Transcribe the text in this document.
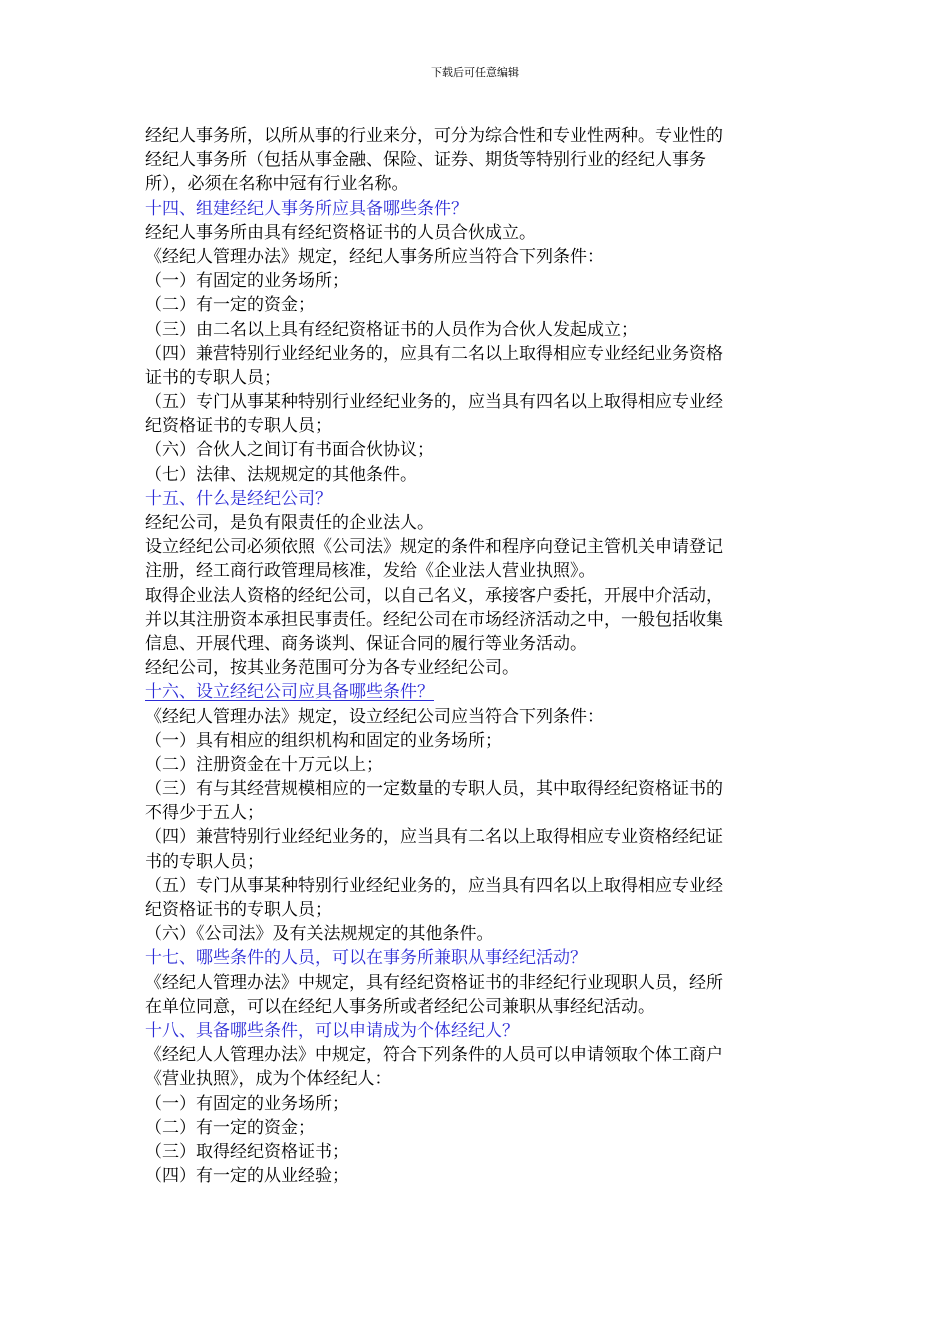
下载后可任意编辑
经纪人事务所，以所从事的行业来分，可分为综合性和专业性两种。专业性的
经纪人事务所（包括从事金融、保险、证券、期货等特别行业的经纪人事务
所），必须在名称中冠有行业名称。
十四、组建经纪人事务所应具备哪些条件？
经纪人事务所由具有经纪资格证书的人员合伙成立。
《经纪人管理办法》规定，经纪人事务所应当符合下列条件：
（一）有固定的业务场所；
（二）有一定的资金；
（三）由二名以上具有经纪资格证书的人员作为合伙人发起成立；
（四）兼营特别行业经纪业务的，应具有二名以上取得相应专业经纪业务资格
证书的专职人员；
（五）专门从事某种特别行业经纪业务的，应当具有四名以上取得相应专业经
纪资格证书的专职人员；
（六）合伙人之间订有书面合伙协议；
（七）法律、法规规定的其他条件。
十五、什么是经纪公司？
经纪公司，是负有限责任的企业法人。
设立经纪公司必须依照《公司法》规定的条件和程序向登记主管机关申请登记
注册，经工商行政管理局核准，发给《企业法人营业执照》。
取得企业法人资格的经纪公司，以自己名义，承接客户委托，开展中介活动，
并以其注册资本承担民事责任。经纪公司在市场经济活动之中，一般包括收集
信息、开展代理、商务谈判、保证合同的履行等业务活动。
经纪公司，按其业务范围可分为各专业经纪公司。
十六、设立经纪公司应具备哪些条件？
《经纪人管理办法》规定，设立经纪公司应当符合下列条件：
（一）具有相应的组织机构和固定的业务场所；
（二）注册资金在十万元以上；
（三）有与其经营规模相应的一定数量的专职人员，其中取得经纪资格证书的
不得少于五人；
（四）兼营特别行业经纪业务的，应当具有二名以上取得相应专业资格经纪证
书的专职人员；
（五）专门从事某种特别行业经纪业务的，应当具有四名以上取得相应专业经
纪资格证书的专职人员；
（六）《公司法》及有关法规规定的其他条件。
十七、哪些条件的人员，可以在事务所兼职从事经纪活动？
《经纪人管理办法》中规定，具有经纪资格证书的非经纪行业现职人员，经所
在单位同意，可以在经纪人事务所或者经纪公司兼职从事经纪活动。
十八、具备哪些条件，可以申请成为个体经纪人？
《经纪人人管理办法》中规定，符合下列条件的人员可以申请领取个体工商户
《营业执照》，成为个体经纪人：
（一）有固定的业务场所；
（二）有一定的资金；
（三）取得经纪资格证书；
（四）有一定的从业经验；
